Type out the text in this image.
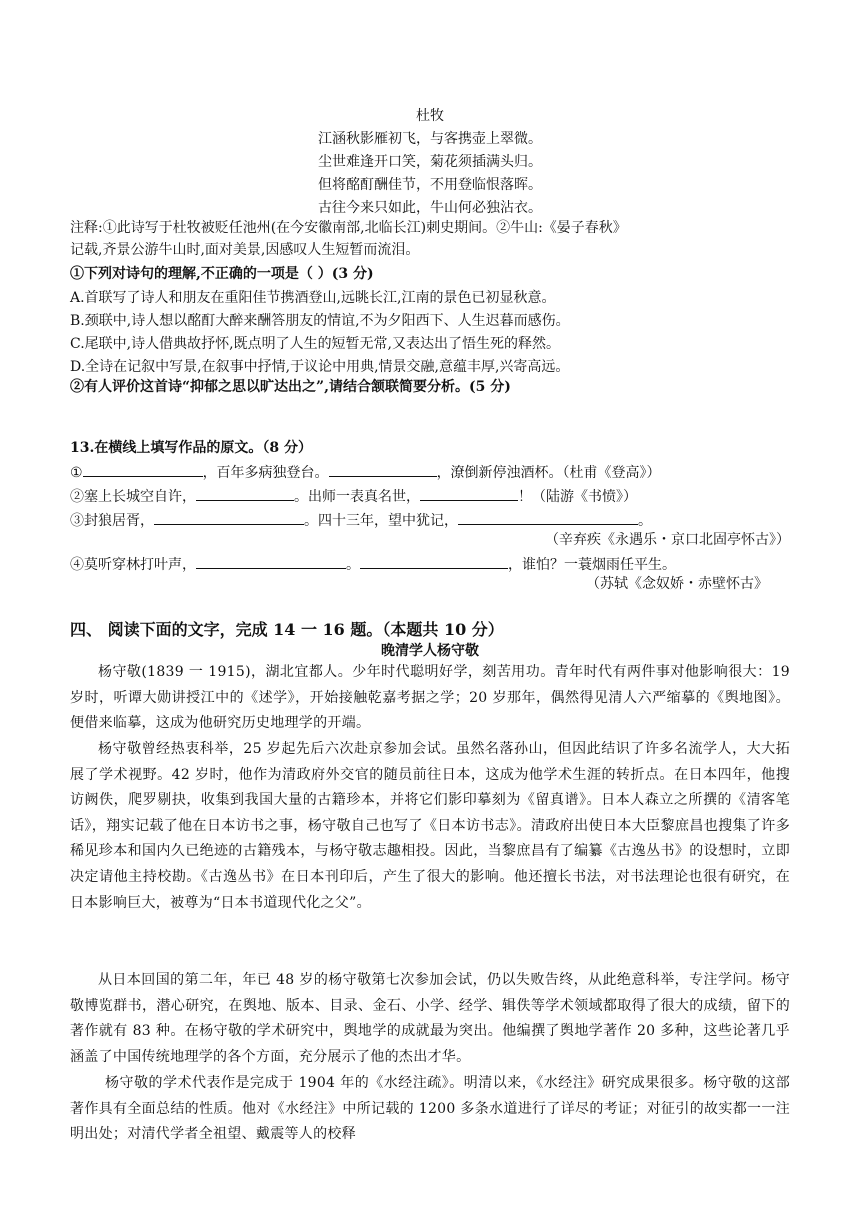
杜牧
江涵秋影雁初飞，与客携壶上翠微。
尘世难逢开口笑，菊花须插满头归。
但将酩酊酬佳节，不用登临恨落晖。
古往今来只如此，牛山何必独沾衣。
注释:①此诗写于杜牧被贬任池州(在今安徽南部,北临长江)刺史期间。②牛山:《晏子春秋》
记载,齐景公游牛山时,面对美景,因感叹人生短暂而流泪。
①下列对诗句的理解,不正确的一项是（ ）(3 分)
A.首联写了诗人和朋友在重阳佳节携酒登山,远眺长江,江南的景色已初显秋意。
B.颈联中,诗人想以酩酊大醉来酬答朋友的情谊,不为夕阳西下、人生迟暮而感伤。
C.尾联中,诗人借典故抒怀,既点明了人生的短暂无常,又表达出了悟生死的释然。
D.全诗在记叙中写景,在叙事中抒情,于议论中用典,情景交融,意蕴丰厚,兴寄高远。
②有人评价这首诗“抑郁之思以旷达出之”,请结合颔联简要分析。(5 分)
13.在横线上填写作品的原文。（8 分）
①	，百年多病独登台。	，潦倒新停浊酒杯。（杜甫《登高》）
②塞上长城空自许，	。出师一表真名世，	！（陆游《书愤》）
③封狼居胥，	。四十三年，望中犹记，	。
（辛弃疾《永遇乐・京口北固亭怀古》）
④莫听穿林打叶声，	。	，谁怕？一蓑烟雨任平生。
（苏轼《念奴娇・赤壁怀古》
四、 阅读下面的文字，完成 14 一 16 题。（本题共 10 分）
晚清学人杨守敬
杨守敬(1839 一 1915)，湖北宜都人。少年时代聪明好学，刻苦用功。青年时代有两件事对他影响很大：19 岁时，听谭大勋讲授江中的《述学》，开始接触乾嘉考据之学；20 岁那年，偶然得见清人六严缩摹的《舆地图》。便借来临摹，这成为他研究历史地理学的开端。
杨守敬曾经热衷科举，25 岁起先后六次赴京参加会试。虽然名落孙山，但因此结识了许多名流学人，大大拓展了学术视野。42 岁时，他作为清政府外交官的随员前往日本，这成为他学术生涯的转折点。在日本四年，他搜访阙佚，爬罗剔抉，收集到我国大量的古籍珍本，并将它们影印摹刻为《留真谱》。日本人森立之所撰的《清客笔话》，翔实记载了他在日本访书之事，杨守敬自己也写了《日本访书志》。清政府出使日本大臣黎庶昌也搜集了许多稀见珍本和国内久已绝迹的古籍残本，与杨守敬志趣相投。因此，当黎庶昌有了编纂《古逸丛书》的设想时，立即决定请他主持校勘。《古逸丛书》在日本刊印后，产生了很大的影响。他还擅长书法，对书法理论也很有研究，在日本影响巨大，被尊为“日本书道现代化之父”。
从日本回国的第二年，年已 48 岁的杨守敬第七次参加会试，仍以失败告终，从此绝意科举，专注学问。杨守敬博览群书，潜心研究，在舆地、版本、目录、金石、小学、经学、辑佚等学术领域都取得了很大的成绩，留下的著作就有 83 种。在杨守敬的学术研究中，舆地学的成就最为突出。他编撰了舆地学著作 20 多种，这些论著几乎涵盖了中国传统地理学的各个方面，充分展示了他的杰出才华。
杨守敬的学术代表作是完成于 1904 年的《水经注疏》。明清以来，《水经注》研究成果很多。杨守敬的这部著作具有全面总结的性质。他对《水经注》中所记载的 1200 多条水道进行了详尽的考证；对征引的故实都一一注明出处；对清代学者全祖望、戴震等人的校释
